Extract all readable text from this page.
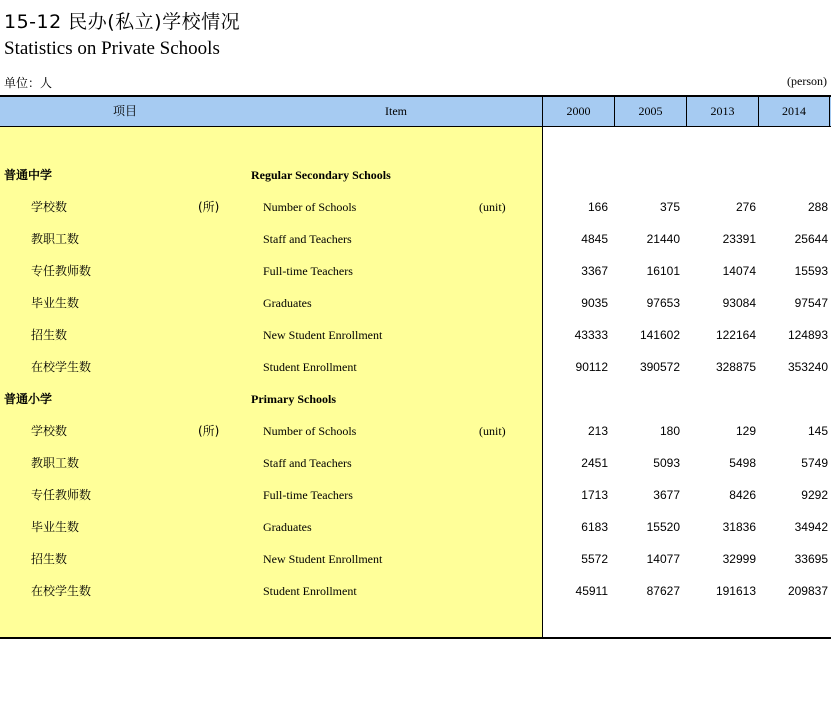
15-12 民办(私立)学校情况
Statistics on Private Schools
单位：人	(person)
项目	Item	2000	2005	2013	2014
普通中学	Regular Secondary Schools
学校数	(所)	Number of Schools	(unit)	166	375	276	288
教职工数	Staff and Teachers	4845	21440	23391	25644
专任教师数	Full-time Teachers	3367	16101	14074	15593
毕业生数	Graduates	9035	97653	93084	97547
招生数	New Student Enrollment	43333	141602	122164	124893
在校学生数	Student Enrollment	90112	390572	328875	353240
普通小学	Primary Schools
学校数	(所)	Number of Schools	(unit)	213	180	129	145
教职工数	Staff and Teachers	2451	5093	5498	5749
专任教师数	Full-time Teachers	1713	3677	8426	9292
毕业生数	Graduates	6183	15520	31836	34942
招生数	New Student Enrollment	5572	14077	32999	33695
在校学生数	Student Enrollment	45911	87627	191613	209837
